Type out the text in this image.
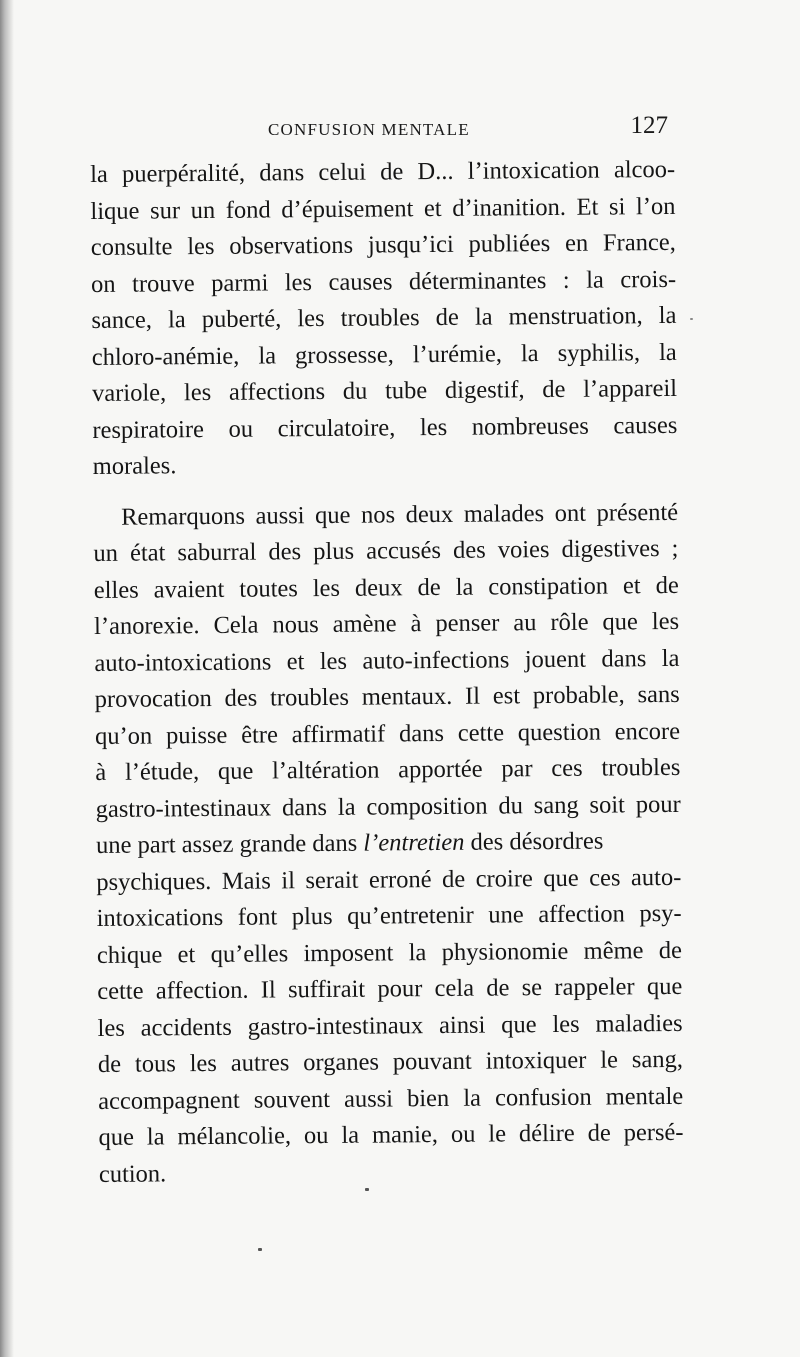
CONFUSION MENTALE	127
la puerpéralité, dans celui de D... l’intoxication alcoo-
lique sur un fond d’épuisement et d’inanition. Et si l’on
consulte les observations jusqu’ici publiées en France,
on trouve parmi les causes déterminantes : la crois-
sance, la puberté, les troubles de la menstruation, la
chloro-anémie, la grossesse, l’urémie, la syphilis, la
variole, les affections du tube digestif, de l’appareil
respiratoire ou circulatoire, les nombreuses causes
morales.
Remarquons aussi que nos deux malades ont présenté
un état saburral des plus accusés des voies digestives ;
elles avaient toutes les deux de la constipation et de
l’anorexie. Cela nous amène à penser au rôle que les
auto-intoxications et les auto-infections jouent dans la
provocation des troubles mentaux. Il est probable, sans
qu’on puisse être affirmatif dans cette question encore
à l’étude, que l’altération apportée par ces troubles
gastro-intestinaux dans la composition du sang soit pour
une part assez grande dans l’entretien des désordres
psychiques. Mais il serait erroné de croire que ces auto-
intoxications font plus qu’entretenir une affection psy-
chique et qu’elles imposent la physionomie même de
cette affection. Il suffirait pour cela de se rappeler que
les accidents gastro-intestinaux ainsi que les maladies
de tous les autres organes pouvant intoxiquer le sang,
accompagnent souvent aussi bien la confusion mentale
que la mélancolie, ou la manie, ou le délire de persé-
cution.
